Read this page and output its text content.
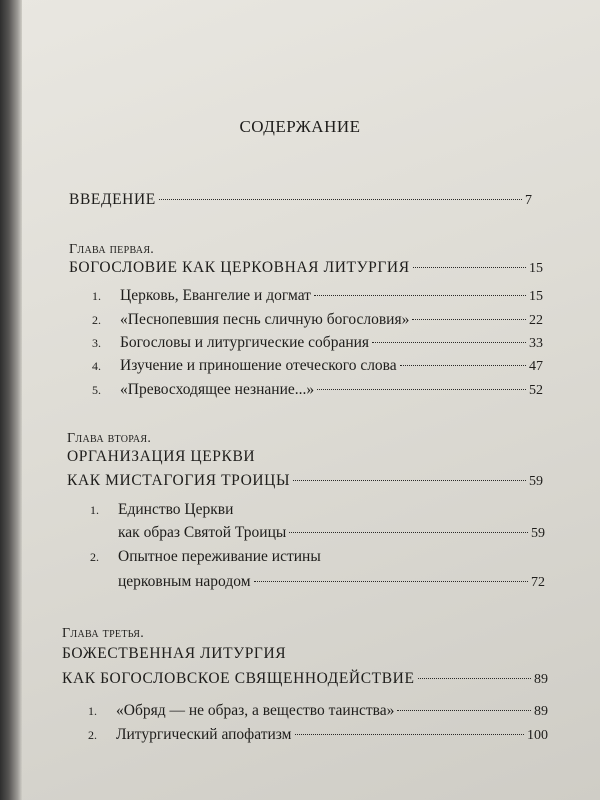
СОДЕРЖАНИЕ
ВВЕДЕНИЕ	7
Глава первая.
БОГОСЛОВИЕ КАК ЦЕРКОВНАЯ ЛИТУРГИЯ	15
1.	Церковь, Евангелие и догмат	15
2.	«Песнопевшия песнь сличную богословия»	22
3.	Богословы и литургические собрания	33
4.	Изучение и приношение отеческого слова	47
5.	«Превосходящее незнание...»	52
Глава вторая.
ОРГАНИЗАЦИЯ ЦЕРКВИ
КАК МИСТАГОГИЯ ТРОИЦЫ	59
1. Единство Церкви
как образ Святой Троицы	59
2. Опытное переживание истины
церковным народом	72
Глава третья.
БОЖЕСТВЕННАЯ ЛИТУРГИЯ
КАК БОГОСЛОВСКОЕ СВЯЩЕННОДЕЙСТВИЕ	89
1.	«Обряд — не образ, а вещество таинства»	89
2.	Литургический апофатизм	100
